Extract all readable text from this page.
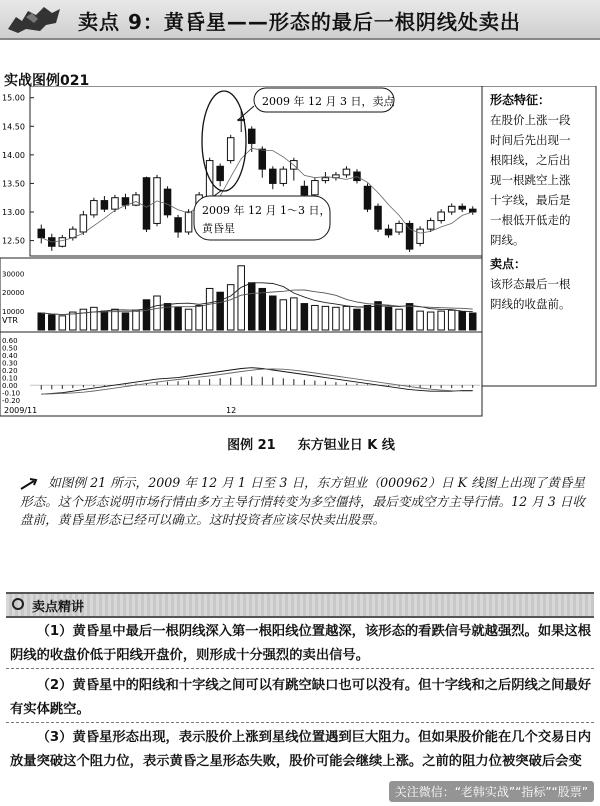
卖点 9：黄昏星——形态的最后一根阴线处卖出
实战图例021
15.00
14.50
14.00
13.50
13.00
12.50
30000
20000
10000
0.60
0.50
0.40
0.30
0.20
0.10
0.00
-0.10
-0.20
2009 年 12 月 3 日，卖点
2009 年 12 月 1～3 日，
黄昏星
形态特征：
在股价上涨一段
时间后先出现一
根阳线，之后出
现一根跳空上涨
十字线，最后是
一根低开低走的
阴线。
卖点：
该形态最后一根
阴线的收盘前。
VTR
2009/11	12
图例 21 东方钽业日 K 线
如图例 21 所示，2009 年 12 月 1 日至 3 日，东方钽业（000962）日 K 线图上出现了黄昏星形态。这个形态说明市场行情由多方主导行情转变为多空僵持，最后变成空方主导行情。12 月 3 日收盘前，黄昏星形态已经可以确立。这时投资者应该尽快卖出股票。
卖点精讲

（1）黄昏星中最后一根阴线深入第一根阳线位置越深，该形态的看跌信号就越强烈。如果这根阴线的收盘价低于阳线开盘价，则形成十分强烈的卖出信号。

（2）黄昏星中的阳线和十字线之间可以有跳空缺口也可以没有。但十字线和之后阴线之间最好有实体跳空。

（3）黄昏星形态出现，表示股价上涨到星线位置遇到巨大阻力。但如果股价能在几个交易日内放量突破这个阻力位，表示黄昏之星形态失败，股价可能会继续上涨。之前的阻力位被突破后会变

关注微信：“老韩实战”“指标”“股票”
